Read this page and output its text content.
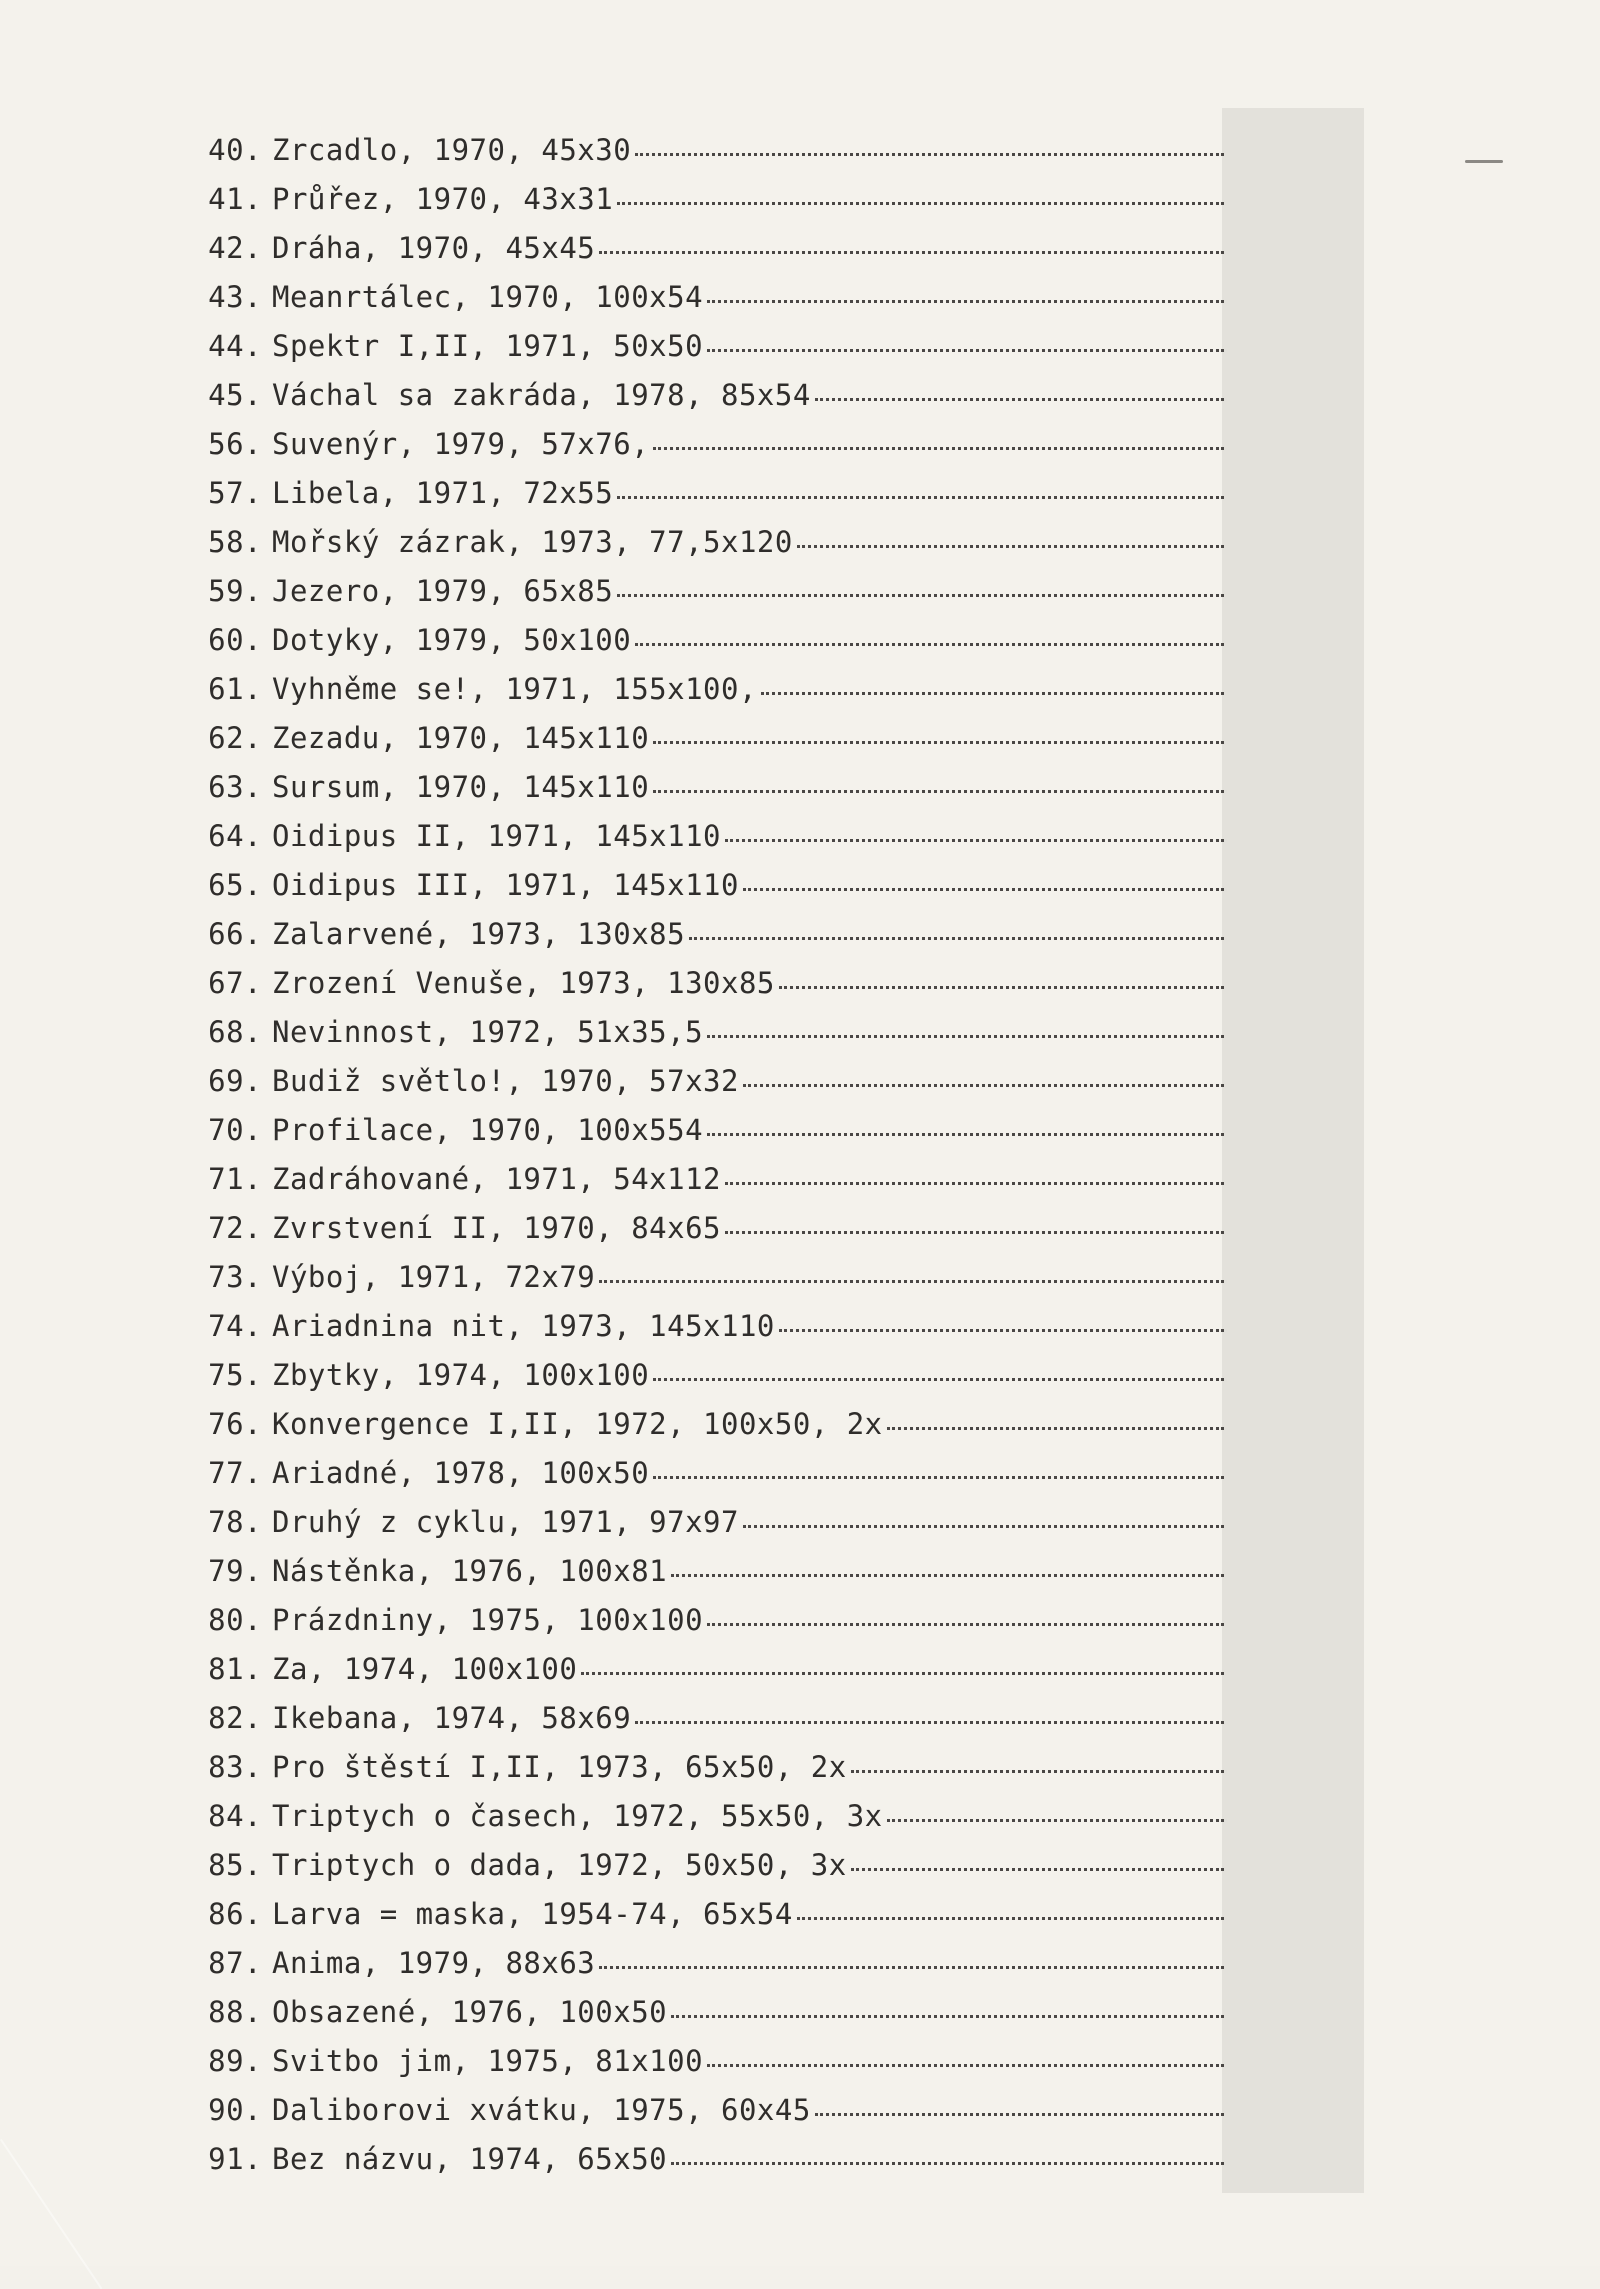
40. Zrcadlo, 1970, 45x30
41. Průřez, 1970, 43x31
42. Dráha, 1970, 45x45
43. Meanrtálec, 1970, 100x54
44. Spektr I,II, 1971, 50x50
45. Váchal sa zakráda, 1978, 85x54
56. Suvenýr, 1979, 57x76,
57. Libela, 1971, 72x55
58. Mořský zázrak, 1973, 77,5x120
59. Jezero, 1979, 65x85
60. Dotyky, 1979, 50x100
61. Vyhněme se!, 1971, 155x100,
62. Zezadu, 1970, 145x110
63. Sursum, 1970, 145x110
64. Oidipus II, 1971, 145x110
65. Oidipus III, 1971, 145x110
66. Zalarvené, 1973, 130x85
67. Zrození Venuše, 1973, 130x85
68. Nevinnost, 1972, 51x35,5
69. Budiž světlo!, 1970, 57x32
70. Profilace, 1970, 100x554
71. Zadráhované, 1971, 54x112
72. Zvrstvení II, 1970, 84x65
73. Výboj, 1971, 72x79
74. Ariadnina nit, 1973, 145x110
75. Zbytky, 1974, 100x100
76. Konvergence I,II, 1972, 100x50, 2x
77. Ariadné, 1978, 100x50
78. Druhý z cyklu, 1971, 97x97
79. Nástěnka, 1976, 100x81
80. Prázdniny, 1975, 100x100
81. Za, 1974, 100x100
82. Ikebana, 1974, 58x69
83. Pro štěstí I,II, 1973, 65x50, 2x
84. Triptych o časech, 1972, 55x50, 3x
85. Triptych o dada, 1972, 50x50, 3x
86. Larva = maska, 1954-74, 65x54
87. Anima, 1979, 88x63
88. Obsazené, 1976, 100x50
89. Svitbo jim, 1975, 81x100
90. Daliborovi xvátku, 1975, 60x45
91. Bez názvu, 1974, 65x50
